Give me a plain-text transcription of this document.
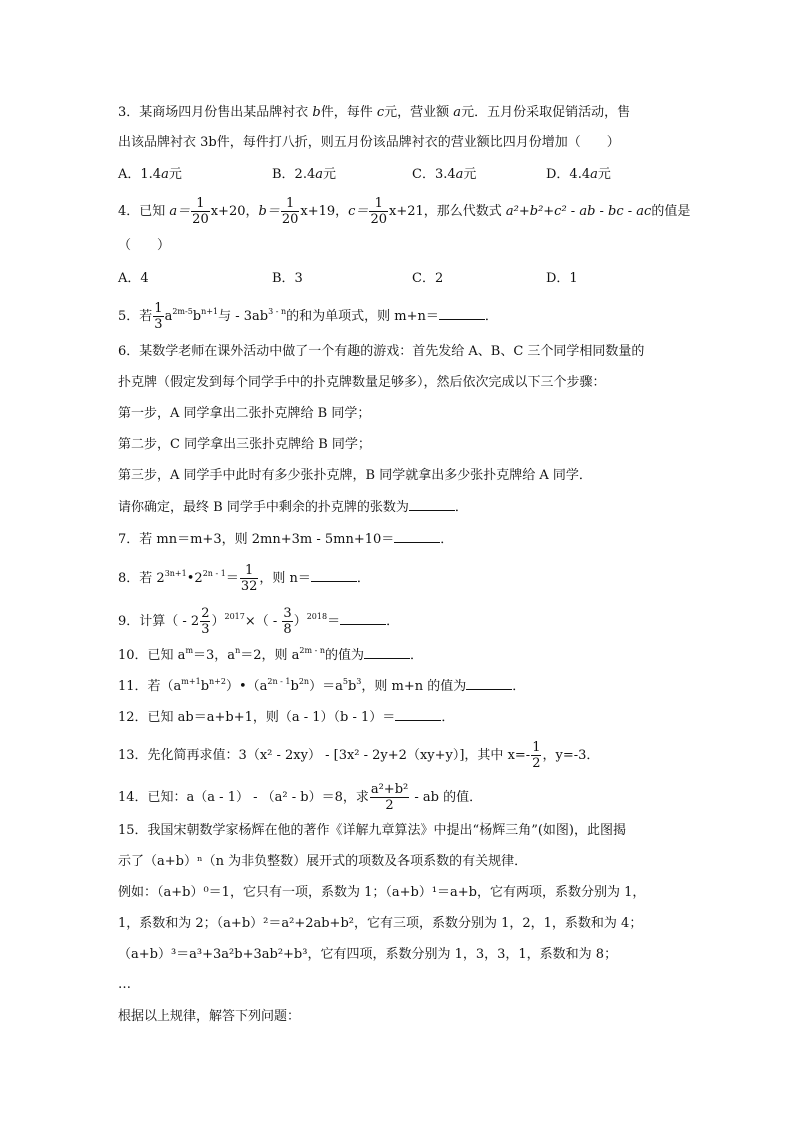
3．某商场四月份售出某品牌衬衣 b件，每件 c元，营业额 a元．五月份采取促销活动，售
出该品牌衬衣 3b件，每件打八折，则五月份该品牌衬衣的营业额比四月份增加（　　）
A．1.4a元	B．2.4a元	C．3.4a元	D．4.4a元
4．已知 $a= \frac{1}{20} x+20$，$b= \frac{1}{20} x+19$，$c= \frac{1}{20} x+21$，那么代数式 a²+b²+c² - ab - bc - ac的值是
（　　）
A．4	B．3	C．2	D．1
5．若 $\frac{1}{3} a^{2m-5}b^{n+1}$与 - $3ab^{3 - n}$的和为单项式，则 m+n＝	．
6．某数学老师在课外活动中做了一个有趣的游戏：首先发给 A、B、C 三个同学相同数量的
扑克牌（假定发到每个同学手中的扑克牌数量足够多），然后依次完成以下三个步骤：
第一步，A 同学拿出二张扑克牌给 B 同学；
第二步，C 同学拿出三张扑克牌给 B 同学；
第三步，A 同学手中此时有多少张扑克牌，B 同学就拿出多少张扑克牌给 A 同学．
请你确定，最终 B 同学手中剩余的扑克牌的张数为	．
7．若 mn＝m+3，则 2mn+3m - 5mn+10＝	．
8．若 $2^{3n+1}•2^{2n - 1}= \frac{1}{32}$ ，则 n＝	．
9．计算（ - $2 \frac{2}{3} )^{2017}\times( - \frac{3}{8} )^{2018}=$	．
10．已知 $a^m=3$，$a^n=2$，则 $a^{2m - n}$的值为	．
11．若$(a^{m+1}b^{n+2})•(a^{2n - 1}b^{2n})=a^5b^3$，则 m+n 的值为	．
12．已知 ab＝a+b+1，则（a - 1）（b - 1）＝	．
13．先化简再求值：3（x² - 2xy） - [3x² - 2y+2（xy+y）]，其中 $x=- \frac{1}{2}$ ，y=-3．
14．已知：a（a - 1） - （a² - b）＝8，求 $\frac{\text{a²+b²}}{2}$ - ab 的值．
15．我国宋朝数学家杨辉在他的著作《详解九章算法》中提出“杨辉三角”(如图)，此图揭
示了（a+b）ⁿ（n 为非负整数）展开式的项数及各项系数的有关规律．
例如：（a+b）⁰＝1，它只有一项，系数为 1；（a+b）¹＝a+b，它有两项，系数分别为 1，
1，系数和为 2；（a+b）²＝a²+2ab+b²，它有三项，系数分别为 1，2，1，系数和为 4；
（a+b）³＝a³+3a²b+3ab²+b³，它有四项，系数分别为 1，3，3，1，系数和为 8；
…
根据以上规律，解答下列问题：
